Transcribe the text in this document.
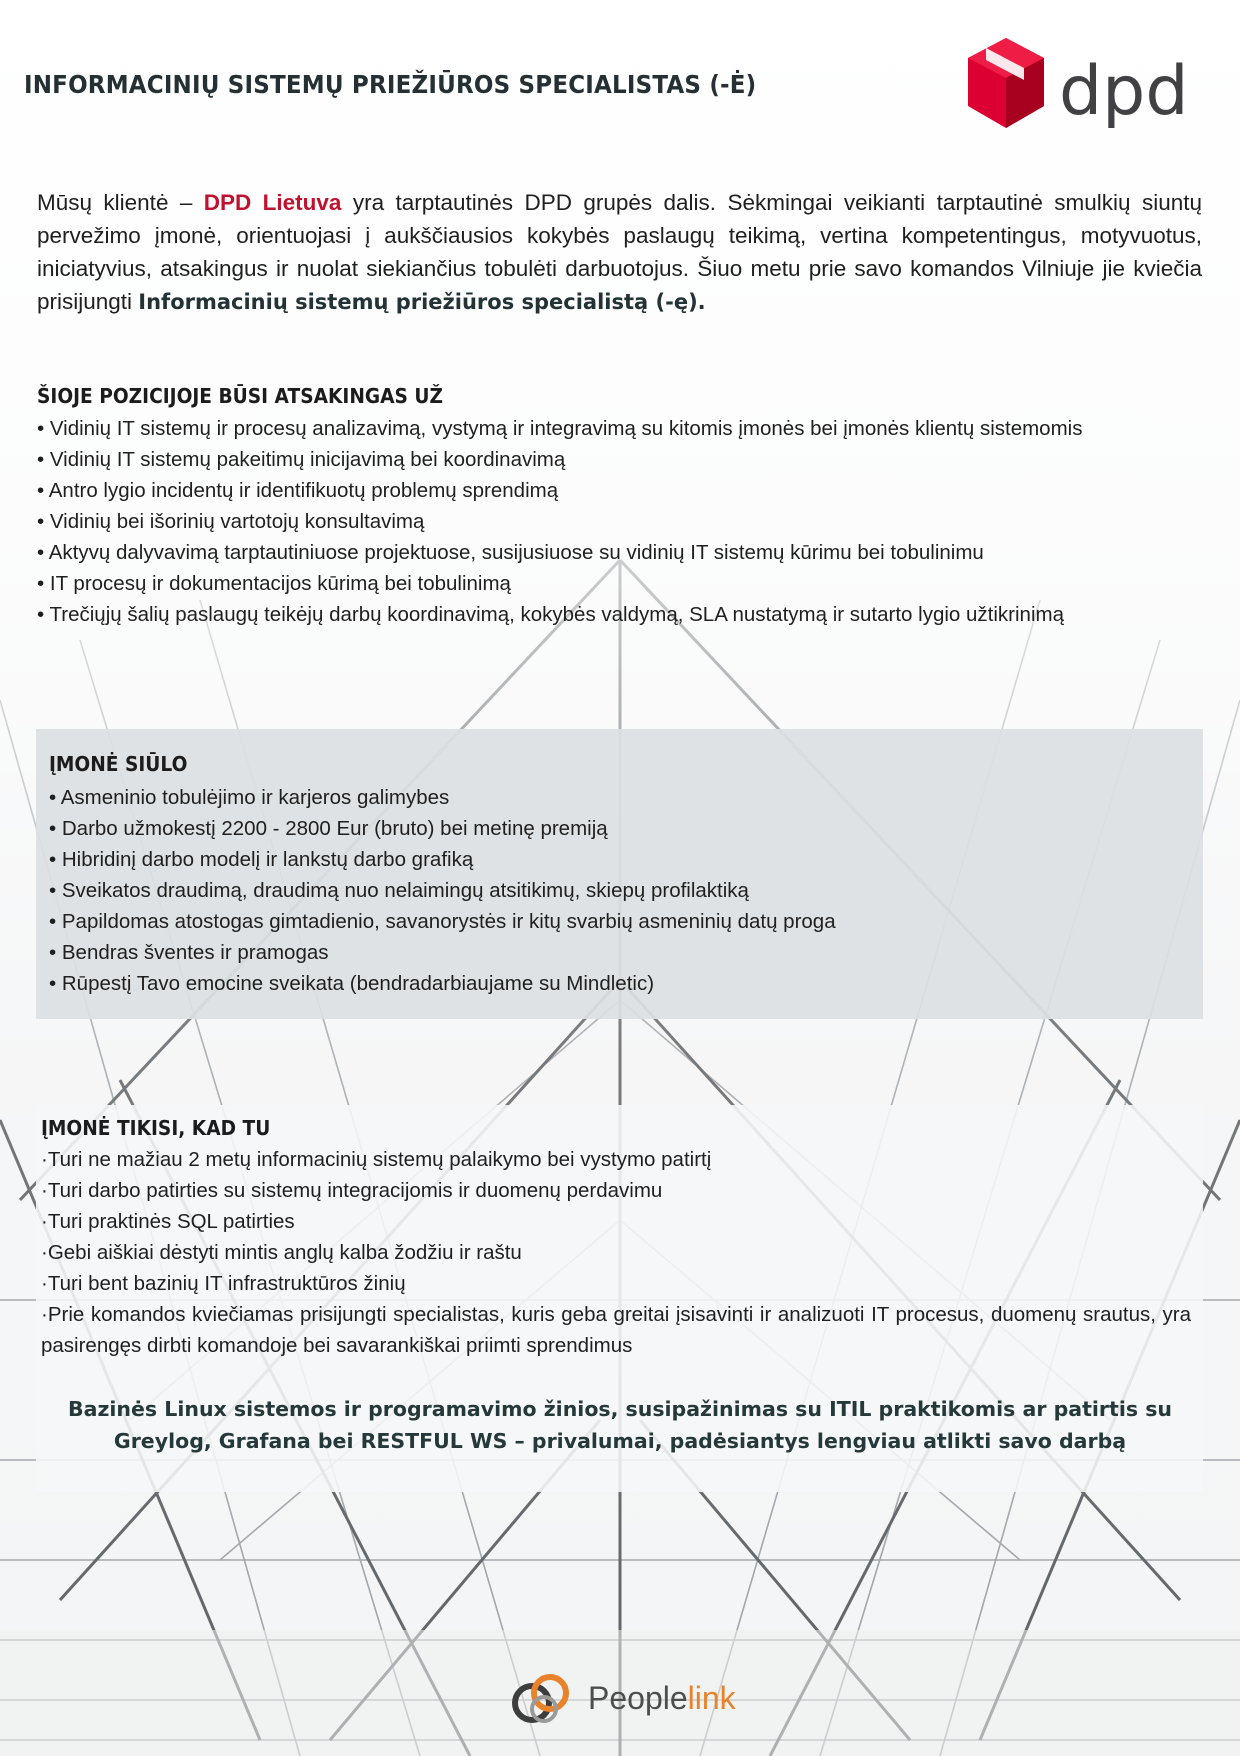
INFORMACINIŲ SISTEMŲ PRIEŽIŪROS SPECIALISTAS (-Ė)	dpd
Mūsų klientė – DPD Lietuva yra tarptautinės DPD grupės dalis. Sėkmingai veikianti tarptautinė smulkių siuntų pervežimo įmonė, orientuojasi į aukščiausios kokybės paslaugų teikimą, vertina kompetentingus, motyvuotus, iniciatyvius, atsakingus ir nuolat siekiančius tobulėti darbuotojus. Šiuo metu prie savo komandos Vilniuje jie kviečia prisijungti Informacinių sistemų priežiūros specialistą (-ę).
ŠIOJE POZICIJOJE BŪSI ATSAKINGAS UŽ
• Vidinių IT sistemų ir procesų analizavimą, vystymą ir integravimą su kitomis įmonės bei įmonės klientų sistemomis
• Vidinių IT sistemų pakeitimų inicijavimą bei koordinavimą
• Antro lygio incidentų ir identifikuotų problemų sprendimą
• Vidinių bei išorinių vartotojų konsultavimą
• Aktyvų dalyvavimą tarptautiniuose projektuose, susijusiuose su vidinių IT sistemų kūrimu bei tobulinimu
• IT procesų ir dokumentacijos kūrimą bei tobulinimą
• Trečiųjų šalių paslaugų teikėjų darbų koordinavimą, kokybės valdymą, SLA nustatymą ir sutarto lygio užtikrinimą
ĮMONĖ SIŪLO
• Asmeninio tobulėjimo ir karjeros galimybes
• Darbo užmokestį 2200 - 2800 Eur (bruto) bei metinę premiją
• Hibridinį darbo modelį ir lankstų darbo grafiką
• Sveikatos draudimą, draudimą nuo nelaimingų atsitikimų, skiepų profilaktiką
• Papildomas atostogas gimtadienio, savanorystės ir kitų svarbių asmeninių datų proga
• Bendras šventes ir pramogas
• Rūpestį Tavo emocine sveikata (bendradarbiaujame su Mindletic)
ĮMONĖ TIKISI, KAD TU
·Turi ne mažiau 2 metų informacinių sistemų palaikymo bei vystymo patirtį
·Turi darbo patirties su sistemų integracijomis ir duomenų perdavimu
·Turi praktinės SQL patirties
·Gebi aiškiai dėstyti mintis anglų kalba žodžiu ir raštu
·Turi bent bazinių IT infrastruktūros žinių
·Prie komandos kviečiamas prisijungti specialistas, kuris geba greitai įsisavinti ir analizuoti IT procesus, duomenų srautus, yra pasirengęs dirbti komandoje bei savarankiškai priimti sprendimus
Bazinės Linux sistemos ir programavimo žinios, susipažinimas su ITIL praktikomis ar patirtis su Greylog, Grafana bei RESTFUL WS – privalumai, padėsiantys lengviau atlikti savo darbą
Peoplelink
